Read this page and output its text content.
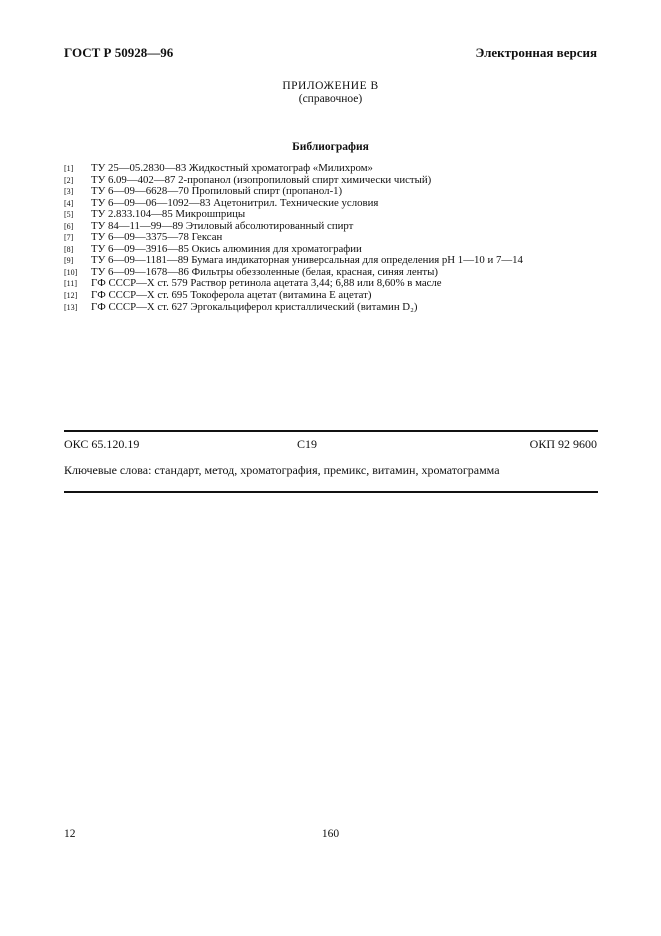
ГОСТ Р 50928—96	Электронная версия
ПРИЛОЖЕНИЕ В
(справочное)
Библиография
[1]	ТУ 25—05.2830—83 Жидкостный хроматограф «Милихром»
[2]	ТУ 6.09—402—87 2-пропанол (изопропиловый спирт химически чистый)
[3]	ТУ 6—09—6628—70 Пропиловый спирт (пропанол-1)
[4]	ТУ 6—09—06—1092—83 Ацетонитрил. Технические условия
[5]	ТУ 2.833.104—85 Микрошприцы
[6]	ТУ 84—11—99—89 Этиловый абсолютированный спирт
[7]	ТУ 6—09—3375—78 Гексан
[8]	ТУ 6—09—3916—85 Окись алюминия для хроматографии
[9]	ТУ 6—09—1181—89 Бумага индикаторная универсальная для определения pH 1—10 и 7—14
[10]	ТУ 6—09—1678—86 Фильтры обеззоленные (белая, красная, синяя ленты)
[11]	ГФ СССР—X ст. 579 Раствор ретинола ацетата 3,44; 6,88 или 8,60% в масле
[12]	ГФ СССР—X ст. 695 Токоферола ацетат (витамина Е ацетат)
[13]	ГФ СССР—X ст. 627 Эргокальциферол кристаллический (витамин D₂)
ОКС 65.120.19	С19	ОКП 92 9600
Ключевые слова: стандарт, метод, хроматография, премикс, витамин, хроматограмма
12	160
